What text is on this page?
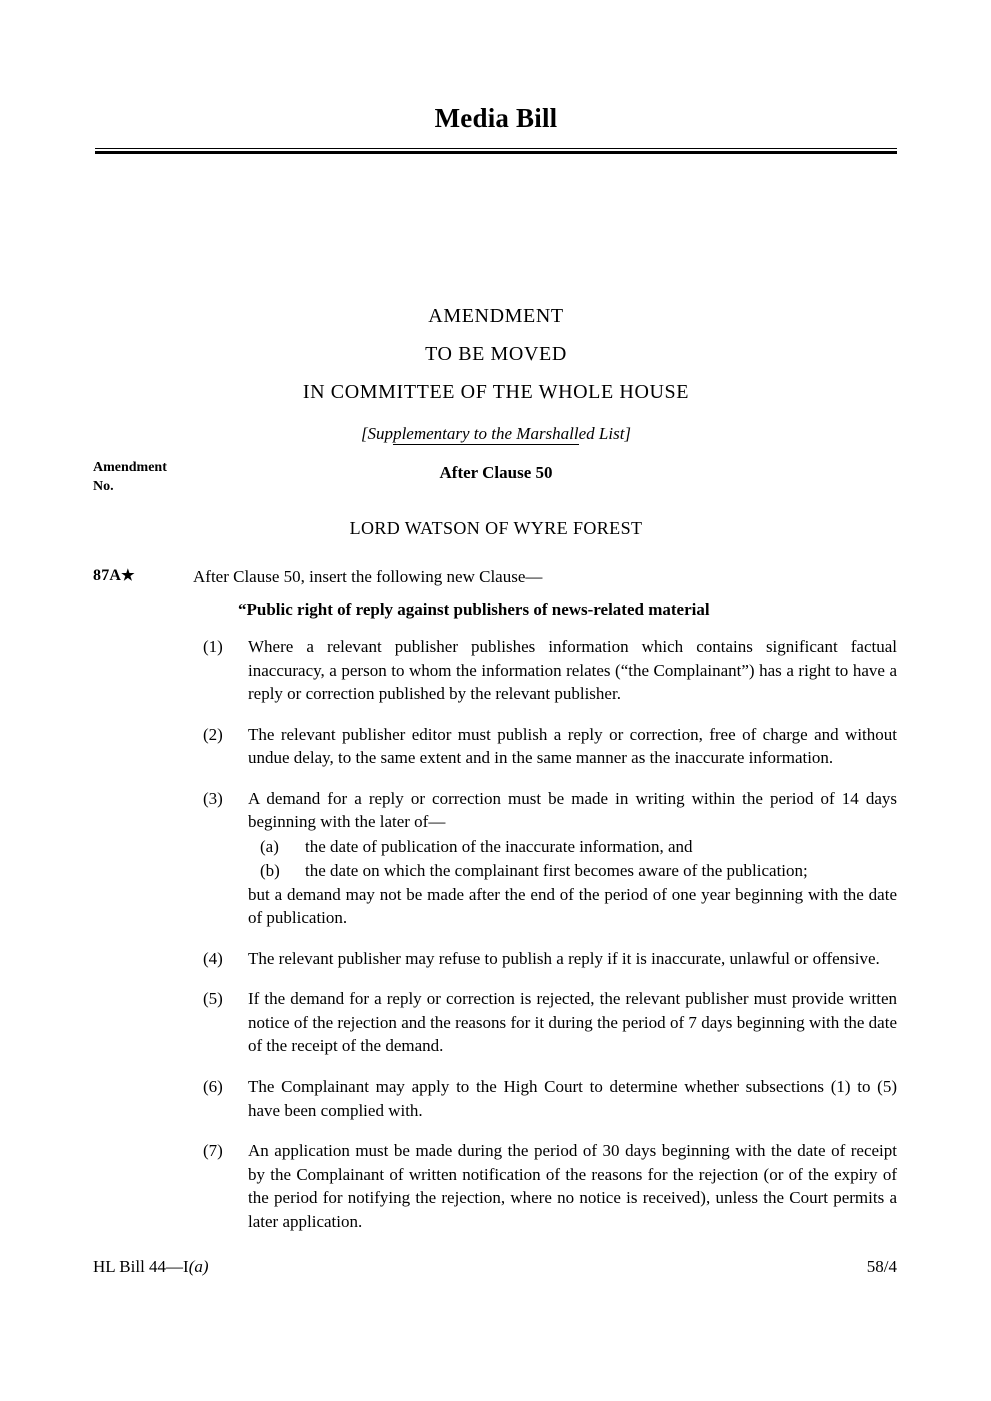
Media Bill
AMENDMENT
TO BE MOVED
IN COMMITTEE OF THE WHOLE HOUSE
[Supplementary to the Marshalled List]
Amendment
No.
After Clause 50
LORD WATSON OF WYRE FOREST
87A★	After Clause 50, insert the following new Clause—
“Public right of reply against publishers of news-related material
(1)	Where a relevant publisher publishes information which contains significant factual inaccuracy, a person to whom the information relates (“the Complainant”) has a right to have a reply or correction published by the relevant publisher.

(2)	The relevant publisher editor must publish a reply or correction, free of charge and without undue delay, to the same extent and in the same manner as the inaccurate information.

(3)	A demand for a reply or correction must be made in writing within the period of 14 days beginning with the later of—

(a)	the date of publication of the inaccurate information, and
(b)	the date on which the complainant first becomes aware of the publication;

but a demand may not be made after the end of the period of one year beginning with the date of publication.

(4)	The relevant publisher may refuse to publish a reply if it is inaccurate, unlawful or offensive.

(5)	If the demand for a reply or correction is rejected, the relevant publisher must provide written notice of the rejection and the reasons for it during the period of 7 days beginning with the date of the receipt of the demand.

(6)	The Complainant may apply to the High Court to determine whether subsections (1) to (5) have been complied with.

(7)	An application must be made during the period of 30 days beginning with the date of receipt by the Complainant of written notification of the reasons for the rejection (or of the expiry of the period for notifying the rejection, where no notice is received), unless the Court permits a later application.

HL Bill 44—I(a)	58/4
